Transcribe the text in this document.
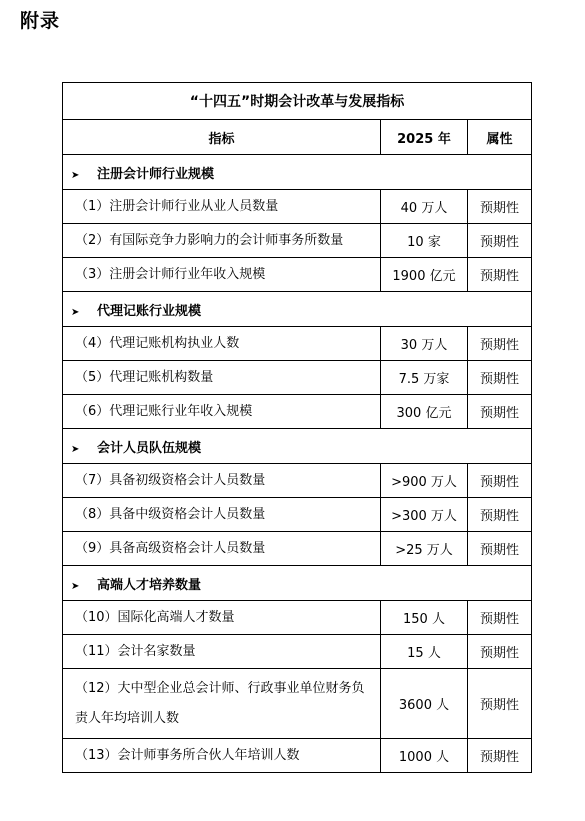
附录
“十四五”时期会计改革与发展指标		
指标	2025 年	属性
➤ 注册会计师行业规模		
（1）注册会计师行业从业人员数量	40 万人	预期性
（2）有国际竞争力影响力的会计师事务所数量	10 家	预期性
（3）注册会计师行业年收入规模	1900 亿元	预期性
➤ 代理记账行业规模		
（4）代理记账机构执业人数	30 万人	预期性
（5）代理记账机构数量	7.5 万家	预期性
（6）代理记账行业年收入规模	300 亿元	预期性
➤ 会计人员队伍规模		
（7）具备初级资格会计人员数量	>900 万人	预期性
（8）具备中级资格会计人员数量	>300 万人	预期性
（9）具备高级资格会计人员数量	>25 万人	预期性
➤ 高端人才培养数量		
（10）国际化高端人才数量	150 人	预期性
（11）会计名家数量	15 人	预期性
（12）大中型企业总会计师、行政事业单位财务负责人年均培训人数	3600 人	预期性
（13）会计师事务所合伙人年培训人数	1000 人	预期性
